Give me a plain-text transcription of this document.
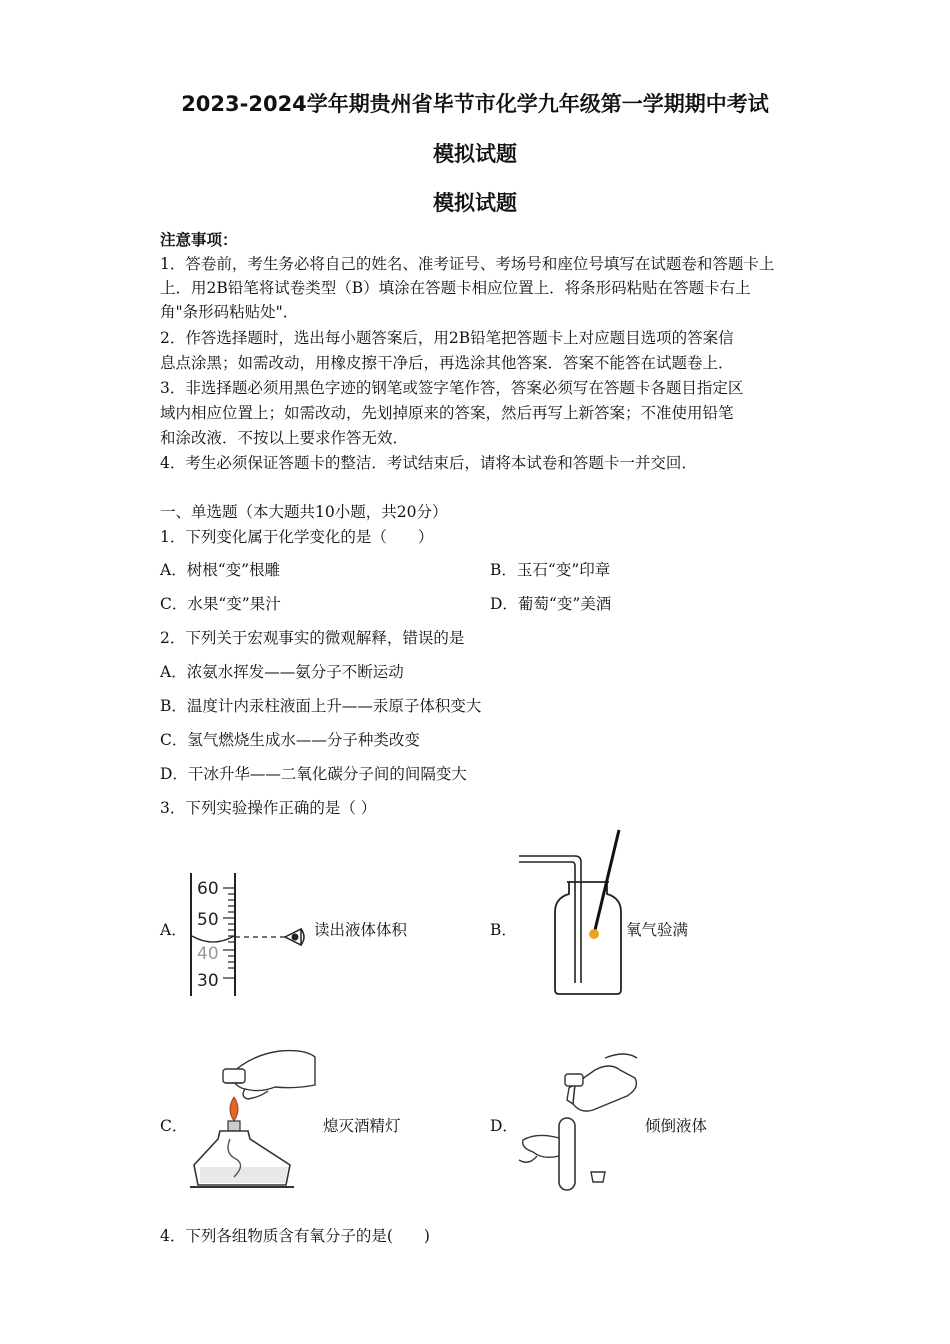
2023-2024学年期贵州省毕节市化学九年级第一学期期中考试
模拟试题
模拟试题
注意事项：
1．答卷前，考生务必将自己的姓名、准考证号、考场号和座位号填写在试题卷和答题卡上
上．用2B铅笔将试卷类型（B）填涂在答题卡相应位置上．将条形码粘贴在答题卡右上
角"条形码粘贴处"．
2．作答选择题时，选出每小题答案后，用2B铅笔把答题卡上对应题目选项的答案信
息点涂黑；如需改动，用橡皮擦干净后，再选涂其他答案．答案不能答在试题卷上．
3．非选择题必须用黑色字迹的钢笔或签字笔作答，答案必须写在答题卡各题目指定区
域内相应位置上；如需改动，先划掉原来的答案，然后再写上新答案；不准使用铅笔
和涂改液．不按以上要求作答无效．
4．考生必须保证答题卡的整洁．考试结束后，请将本试卷和答题卡一并交回．
一、单选题（本大题共10小题，共20分）
1．下列变化属于化学变化的是（　　）
A．树根“变”根雕	B．玉石“变”印章
C．水果“变”果汁	D．葡萄“变”美酒
2．下列关于宏观事实的微观解释，错误的是
A．浓氨水挥发——氨分子不断运动
B．温度计内汞柱液面上升——汞原子体积变大
C．氢气燃烧生成水——分子种类改变
D．干冰升华——二氧化碳分子间的间隔变大
3．下列实验操作正确的是（ ）
A．
60
50
40
30
读出液体体积	B．	氧气验满
C．	熄灭酒精灯	D．	倾倒液体
4．下列各组物质含有氧分子的是(　　)
